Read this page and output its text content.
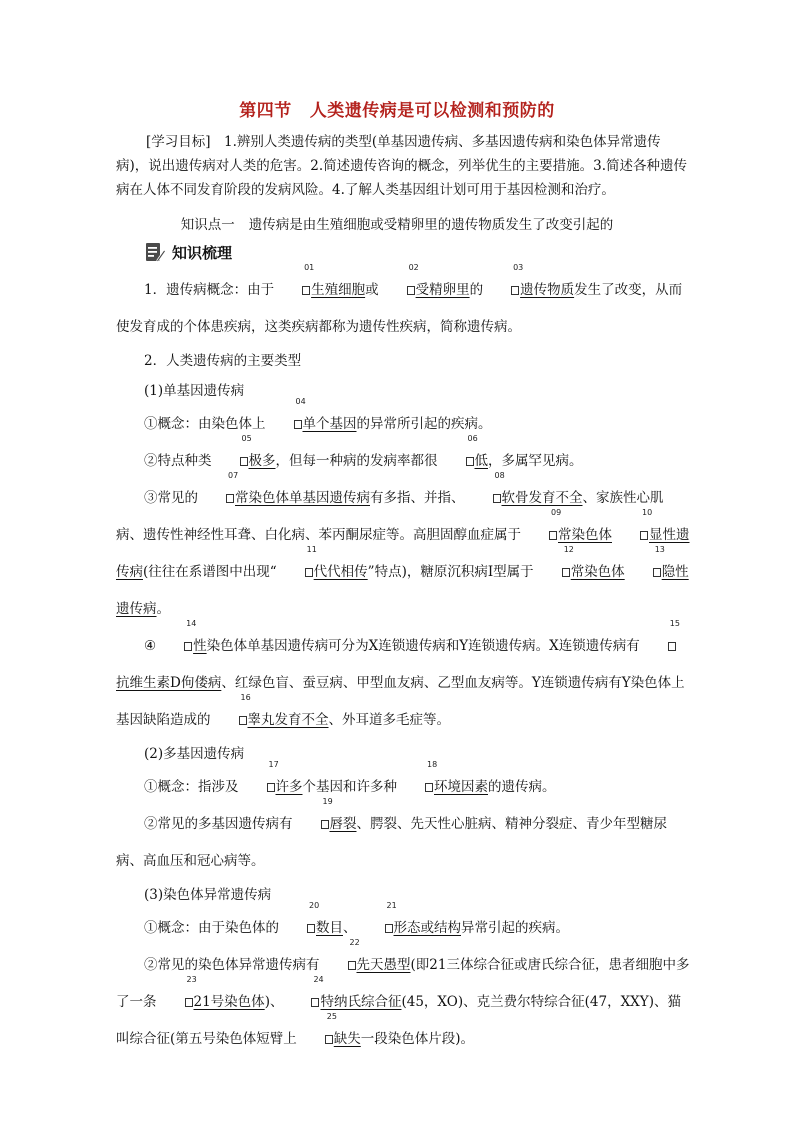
第四节 人类遗传病是可以检测和预防的

[学习目标]　1.辨别人类遗传病的类型(单基因遗传病、多基因遗传病和染色体异常遗传病)，说出遗传病对人类的危害。2.简述遗传咨询的概念，列举优生的主要措施。3.简述各种遗传病在人体不同发育阶段的发病风险。4.了解人类基因组计划可用于基因检测和治疗。

知识点一 遗传病是由生殖细胞或受精卵里的遗传物质发生了改变引起的
知识梳理

1．遗传病概念：由于
01
生殖细胞或
02
受精卵里的
03
遗传物质发生了改变，从而使发育成的个体患疾病，这类疾病都称为遗传性疾病，简称遗传病。

2．人类遗传病的主要类型

(1)单基因遗传病

①概念：由染色体上
04
单个基因的异常所引起的疾病。

②特点种类
05
极多，但每一种病的发病率都很
06
低，多属罕见病。

③常见的
07
常染色体单基因遗传病有多指、并指、
08
软骨发育不全、家族性心肌病、遗传性神经性耳聋、白化病、苯丙酮尿症等。高胆固醇血症属于
09
常染色体
10
显性遗传病(往往在系谱图中出现“
11
代代相传”特点)，糖原沉积病Ⅰ型属于
12
常染色体
13
隐性遗传病。

④
14
性染色体单基因遗传病可分为X连锁遗传病和Y连锁遗传病。X连锁遗传病有
15
抗维生素D佝偻病、红绿色盲、蚕豆病、甲型血友病、乙型血友病等。Y连锁遗传病有Y染色体上基因缺陷造成的
16
睾丸发育不全、外耳道多毛症等。

(2)多基因遗传病

①概念：指涉及
17
许多个基因和许多种
18
环境因素的遗传病。

②常见的多基因遗传病有
19
唇裂、腭裂、先天性心脏病、精神分裂症、青少年型糖尿病、高血压和冠心病等。

(3)染色体异常遗传病

①概念：由于染色体的
20
数目、
21
形态或结构异常引起的疾病。

②常见的染色体异常遗传病有
22
先天愚型(即21三体综合征或唐氏综合征，患者细胞中多了一条
23
21号染色体)、
24
特纳氏综合征(45，XO)、克兰费尔特综合征(47，XXY)、猫叫综合征(第五号染色体短臂上
25
缺失一段染色体片段)。
